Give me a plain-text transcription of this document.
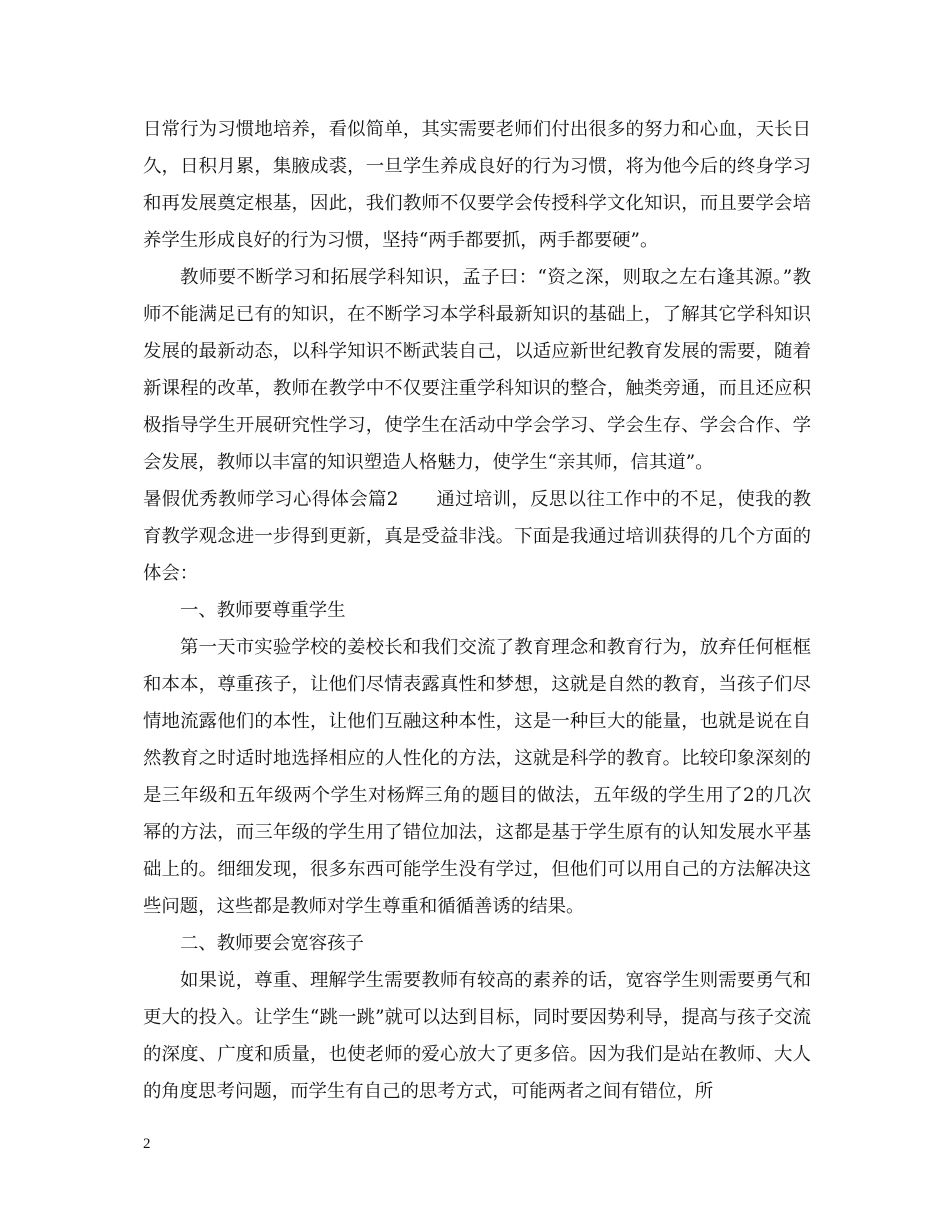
日常行为习惯地培养，看似简单，其实需要老师们付出很多的努力和心血，天长日久，日积月累，集腋成裘，一旦学生养成良好的行为习惯，将为他今后的终身学习和再发展奠定根基，因此，我们教师不仅要学会传授科学文化知识，而且要学会培养学生形成良好的行为习惯，坚持“两手都要抓，两手都要硬”。

教师要不断学习和拓展学科知识，孟子曰：“资之深，则取之左右逢其源。”教师不能满足已有的知识，在不断学习本学科最新知识的基础上，了解其它学科知识发展的最新动态，以科学知识不断武装自己，以适应新世纪教育发展的需要，随着新课程的改革，教师在教学中不仅要注重学科知识的整合，触类旁通，而且还应积极指导学生开展研究性学习，使学生在活动中学会学习、学会生存、学会合作、学会发展，教师以丰富的知识塑造人格魅力，使学生“亲其师，信其道”。

暑假优秀教师学习心得体会篇2　　通过培训，反思以往工作中的不足，使我的教育教学观念进一步得到更新，真是受益非浅。下面是我通过培训获得的几个方面的体会：

一、教师要尊重学生

第一天市实验学校的姜校长和我们交流了教育理念和教育行为，放弃任何框框和本本，尊重孩子，让他们尽情表露真性和梦想，这就是自然的教育，当孩子们尽情地流露他们的本性，让他们互融这种本性，这是一种巨大的能量，也就是说在自然教育之时适时地选择相应的人性化的方法，这就是科学的教育。比较印象深刻的是三年级和五年级两个学生对杨辉三角的题目的做法，五年级的学生用了2的几次幂的方法，而三年级的学生用了错位加法，这都是基于学生原有的认知发展水平基础上的。细细发现，很多东西可能学生没有学过，但他们可以用自己的方法解决这些问题，这些都是教师对学生尊重和循循善诱的结果。

二、教师要会宽容孩子

如果说，尊重、理解学生需要教师有较高的素养的话，宽容学生则需要勇气和更大的投入。让学生“跳一跳”就可以达到目标，同时要因势利导，提高与孩子交流的深度、广度和质量，也使老师的爱心放大了更多倍。因为我们是站在教师、大人的角度思考问题，而学生有自己的思考方式，可能两者之间有错位，所

2
